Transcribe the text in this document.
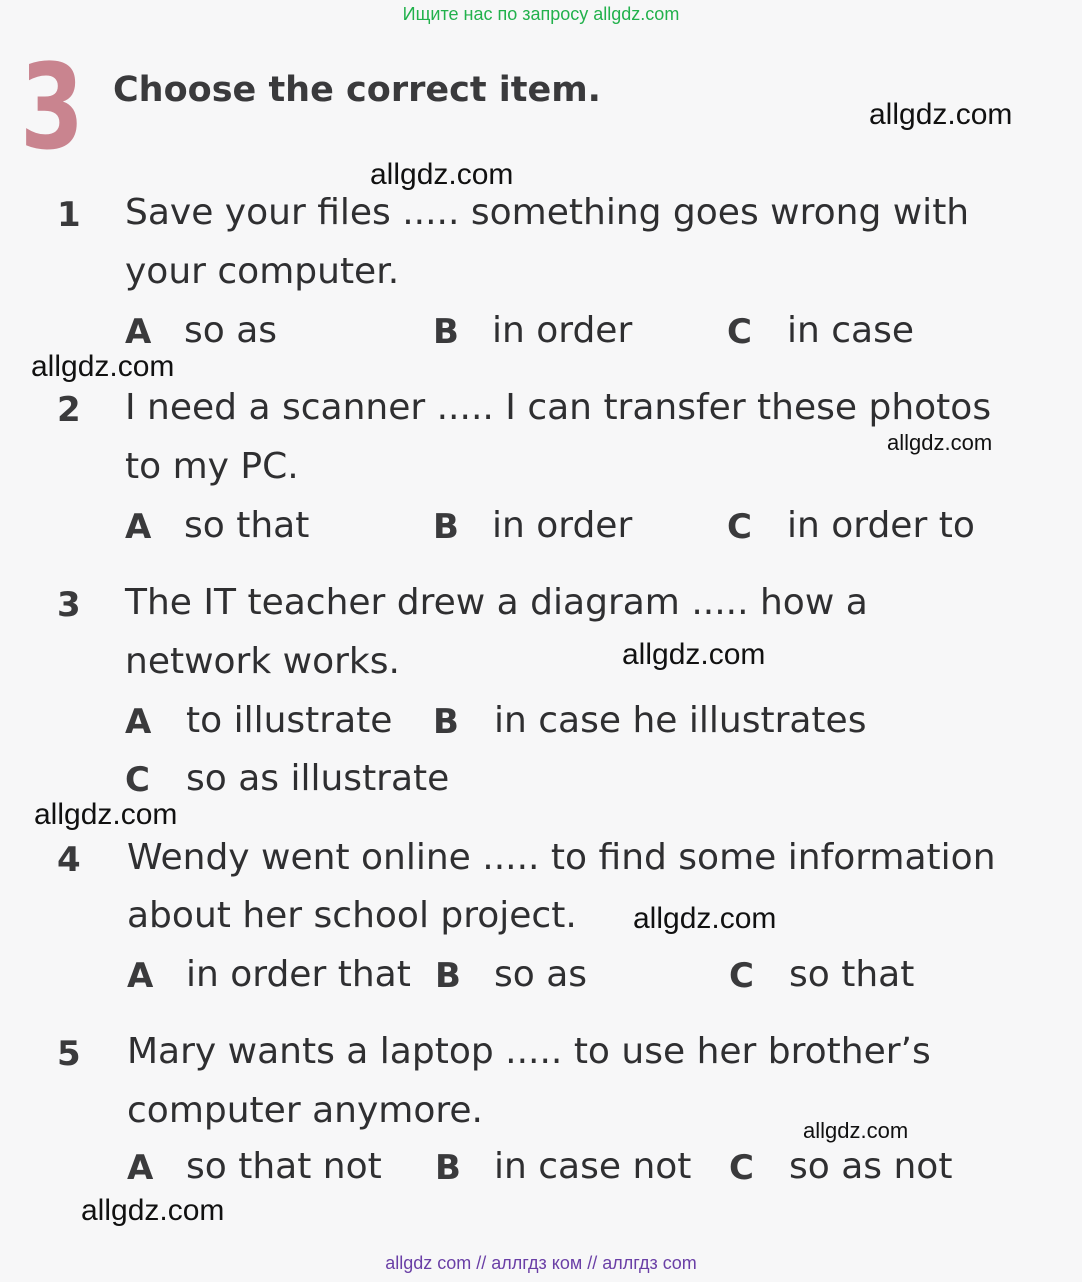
Ищите нас по запросу allgdz.com
3 Choose the correct item.
1 Save your files ..... something goes wrong with
your computer.
A so as	B in order	C in case
2 I need a scanner ..... I can transfer these photos
to my PC.
A so that	B in order	C in order to
3 The IT teacher drew a diagram ..... how a
network works.
A to illustrate B in case he illustrates
C so as illustrate
4 Wendy went online ..... to find some information
about her school project.
A in order that B so as	C so that
5 Mary wants a laptop ..... to use her brother’s
computer anymore.
A so that not B in case not C so as not
allgdz.com
allgdz.com
allgdz.com
allgdz.com
allgdz.com
allgdz.com
allgdz.com
allgdz.com
allgdz.com
allgdz com // аллгдз ком // аллгдз com
